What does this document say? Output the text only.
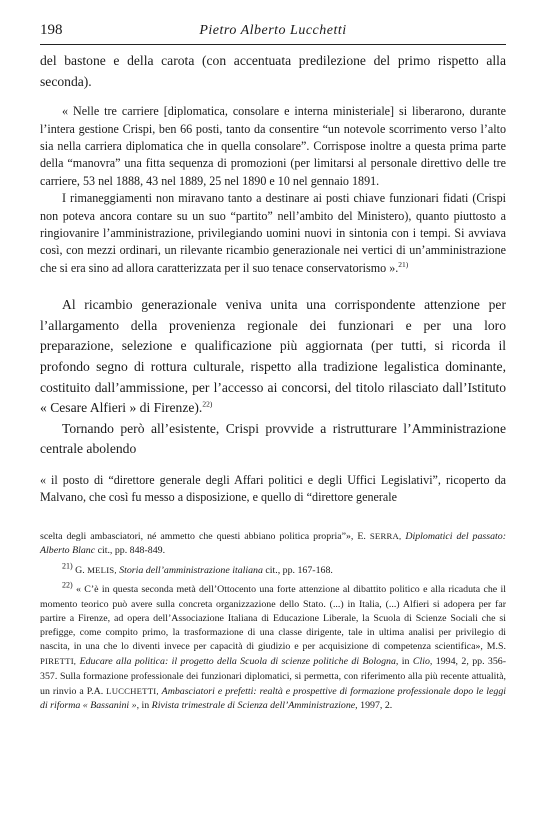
198	Pietro Alberto Lucchetti

del bastone e della carota (con accentuata predilezione del primo rispetto alla seconda).

« Nelle tre carriere [diplomatica, consolare e interna ministeriale] si liberarono, durante l’intera gestione Crispi, ben 66 posti, tanto da consentire “un notevole scorrimento verso l’alto sia nella carriera diplomatica che in quella consolare”. Corrispose inoltre a questa prima parte della “manovra” una fitta sequenza di promozioni (per limitarsi al personale direttivo delle tre carriere, 53 nel 1888, 43 nel 1889, 25 nel 1890 e 10 nel gennaio 1891.

I rimaneggiamenti non miravano tanto a destinare ai posti chiave funzionari fidati (Crispi non poteva ancora contare su un suo “partito” nell’ambito del Ministero), quanto piuttosto a ringiovanire l’amministrazione, privilegiando uomini nuovi in sintonia con i tempi. Si avviava così, con mezzi ordinari, un rilevante ricambio generazionale nei vertici di un’amministrazione che si era sino ad allora caratterizzata per il suo tenace conservatorismo ».$^{21)}$

Al ricambio generazionale veniva unita una corrispondente attenzione per l’allargamento della provenienza regionale dei funzionari e per una loro preparazione, selezione e qualificazione più aggiornata (per tutti, si ricorda il profondo segno di rottura culturale, rispetto alla tradizione legalistica dominante, costituito dall’ammissione, per l’accesso ai concorsi, del titolo rilasciato dall’Istituto « Cesare Alfieri » di Firenze).$^{22)}$

Tornando però all’esistente, Crispi provvide a ristrutturare l’Amministrazione centrale abolendo

« il posto di “direttore generale degli Affari politici e degli Uffici Legislativi”, ricoperto da Malvano, che così fu messo a disposizione, e quello di “direttore generale

scelta degli ambasciatori, né ammetto che questi abbiano politica propria”», E. SERRA, Diplomatici del passato: Alberto Blanc cit., pp. 848-849.

$^{21)}$ G. MELIS, Storia dell’amministrazione italiana cit., pp. 167-168.

$^{22)}$ « C’è in questa seconda metà dell’Ottocento una forte attenzione al dibattito politico e alla ricaduta che il momento teorico può avere sulla concreta organizzazione dello Stato. (...) in Italia, (...) Alfieri si adopera per far partire a Firenze, ad opera dell’Associazione Italiana di Educazione Liberale, la Scuola di Scienze Sociali che si prefigge, come compito primo, la trasformazione di una classe dirigente, tale in ultima analisi per privilegio di nascita, in una che lo diventi invece per capacità di giudizio e per acquisizione di competenza scientifica», M.S. PIRETTI, Educare alla politica: il progetto della Scuola di scienze politiche di Bologna, in Clio, 1994, 2, pp. 356-357. Sulla formazione professionale dei funzionari diplomatici, si permetta, con riferimento alla più recente attualità, un rinvio a P.A. LUCCHETTI, Ambasciatori e prefetti: realtà e prospettive di formazione professionale dopo le leggi di riforma « Bassanini », in Rivista trimestrale di Scienza dell’Amministrazione, 1997, 2.
